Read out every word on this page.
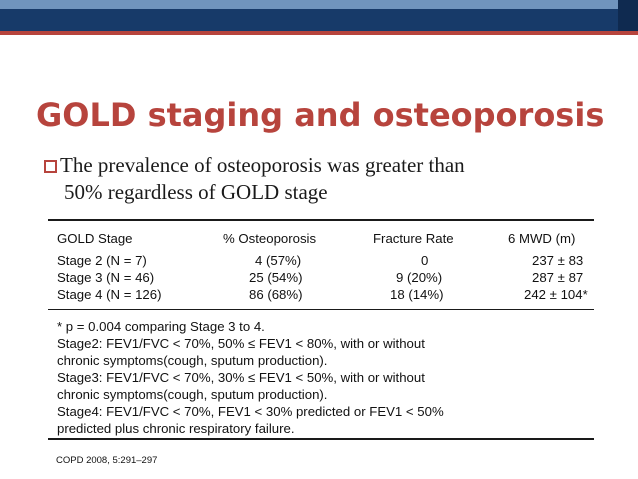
GOLD staging and osteoporosis
The prevalence of osteoporosis was greater than
50% regardless of GOLD stage
GOLD Stage	% Osteoporosis	Fracture Rate	6 MWD (m)
Stage 2 (N = 7)	4 (57%)	0	237 ± 83
Stage 3 (N = 46)	25 (54%)	9 (20%)	287 ± 87
Stage 4 (N = 126)	86 (68%)	18 (14%)	242 ± 104*
* p = 0.004 comparing Stage 3 to 4.
Stage2: FEV1/FVC < 70%, 50% ≤ FEV1 < 80%, with or without
chronic symptoms(cough, sputum production).
Stage3: FEV1/FVC < 70%, 30% ≤ FEV1 < 50%, with or without
chronic symptoms(cough, sputum production).
Stage4: FEV1/FVC < 70%, FEV1 < 30% predicted or FEV1 < 50%
predicted plus chronic respiratory failure.
COPD 2008, 5:291–297
